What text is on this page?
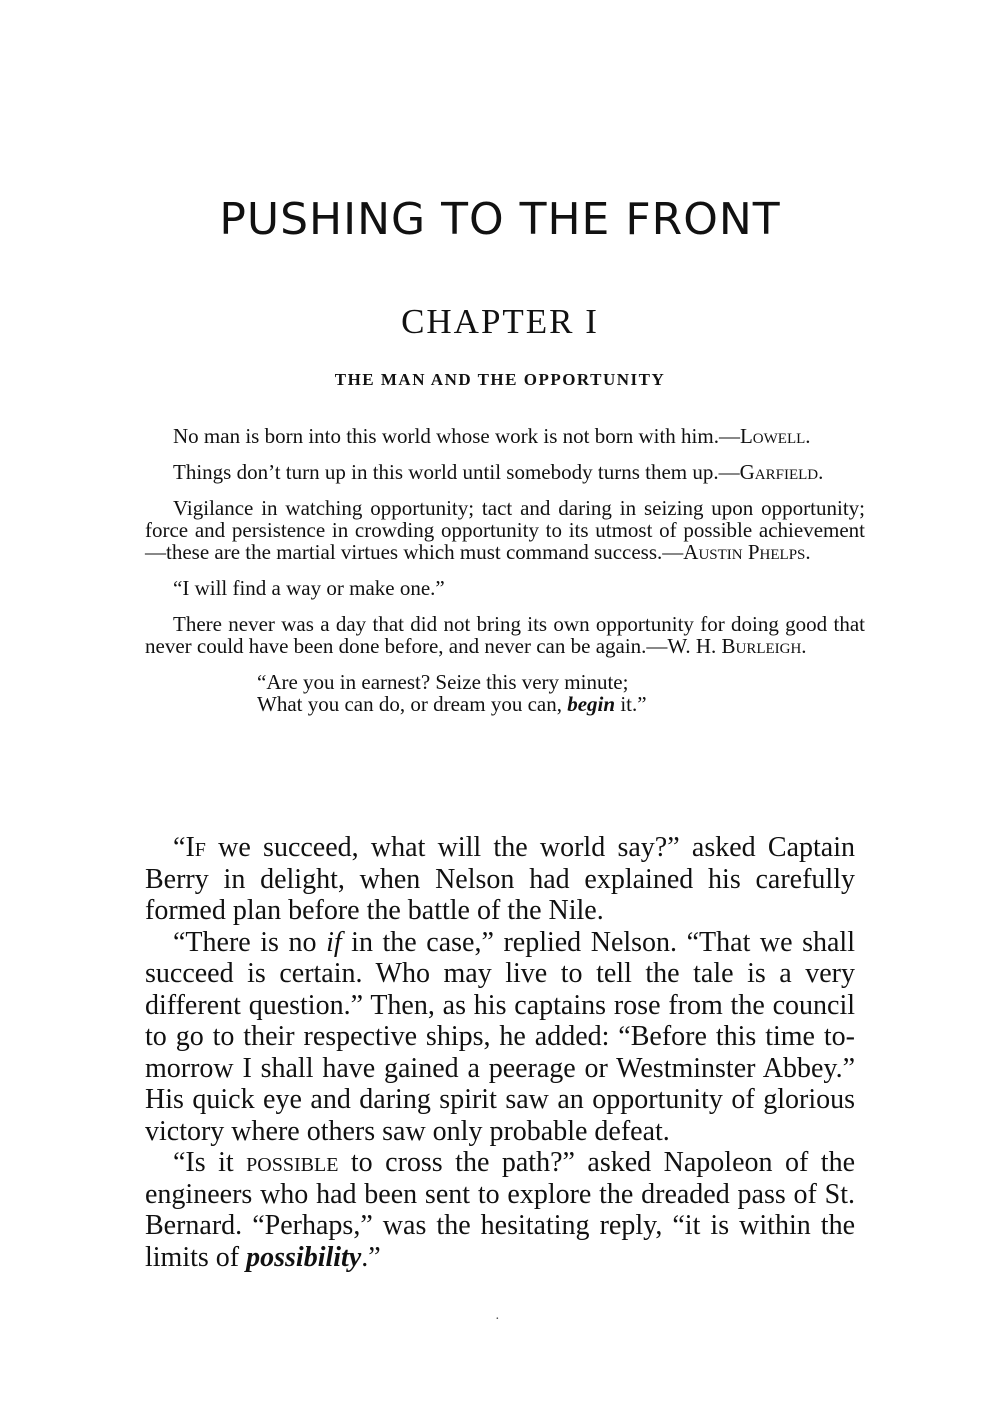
PUSHING TO THE FRONT
CHAPTER I
THE MAN AND THE OPPORTUNITY

No man is born into this world whose work is not born with him.—Lowell.

Things don’t turn up in this world until somebody turns them up.—Garfield.

Vigilance in watching opportunity; tact and daring in seizing upon opportunity; force and persistence in crowding opportunity to its utmost of possible achievement—these are the martial virtues which must command success.—Austin Phelps.

“I will find a way or make one.”

There never was a day that did not bring its own opportunity for doing good that never could have been done before, and never can be again.—W. H. Burleigh.

“Are you in earnest? Seize this very minute;
What you can do, or dream you can, begin it.”

“If we succeed, what will the world say?” asked Captain Berry in delight, when Nelson had explained his carefully formed plan before the battle of the Nile.

“There is no if in the case,” replied Nelson. “That we shall succeed is certain. Who may live to tell the tale is a very different question.” Then, as his captains rose from the council to go to their respective ships, he added: “Before this time to-morrow I shall have gained a peerage or Westminster Abbey.” His quick eye and daring spirit saw an opportunity of glorious victory where others saw only probable defeat.

“Is it possible to cross the path?” asked Napoleon of the engineers who had been sent to explore the dreaded pass of St. Bernard. “Perhaps,” was the hesitating reply, “it is within the limits of possibility.”

·
